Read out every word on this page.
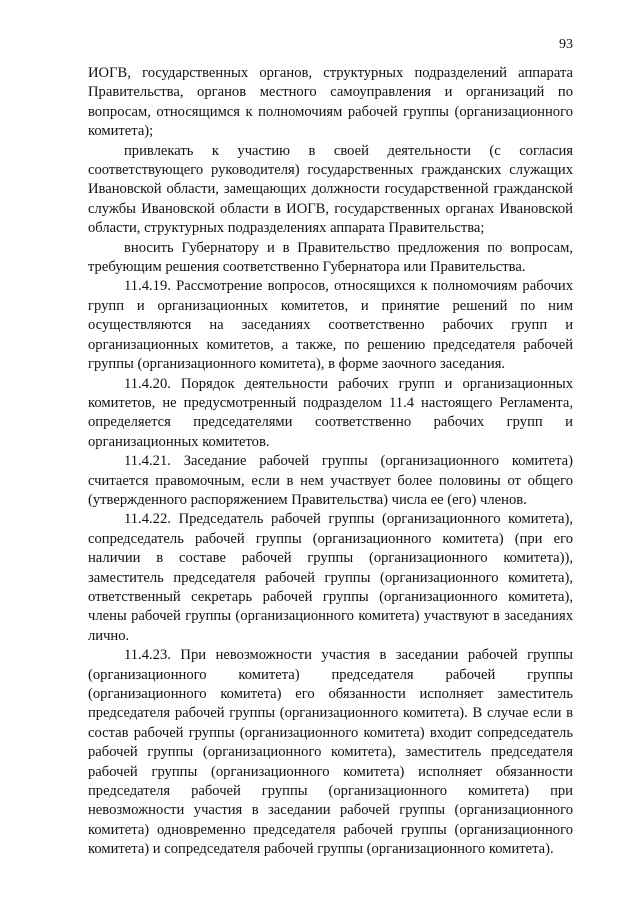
93

ИОГВ, государственных органов, структурных подразделений аппарата Правительства, органов местного самоуправления и организаций по вопросам, относящимся к полномочиям рабочей группы (организационного комитета);

привлекать к участию в своей деятельности (с согласия соответствующего руководителя) государственных гражданских служащих Ивановской области, замещающих должности государственной гражданской службы Ивановской области в ИОГВ, государственных органах Ивановской области, структурных подразделениях аппарата Правительства;

вносить Губернатору и в Правительство предложения по вопросам, требующим решения соответственно Губернатора или Правительства.

11.4.19. Рассмотрение вопросов, относящихся к полномочиям рабочих групп и организационных комитетов, и принятие решений по ним осуществляются на заседаниях соответственно рабочих групп и организационных комитетов, а также, по решению председателя рабочей группы (организационного комитета), в форме заочного заседания.

11.4.20. Порядок деятельности рабочих групп и организационных комитетов, не предусмотренный подразделом 11.4 настоящего Регламента, определяется председателями соответственно рабочих групп и организационных комитетов.

11.4.21. Заседание рабочей группы (организационного комитета) считается правомочным, если в нем участвует более половины от общего (утвержденного распоряжением Правительства) числа ее (его) членов.

11.4.22. Председатель рабочей группы (организационного комитета), сопредседатель рабочей группы (организационного комитета) (при его наличии в составе рабочей группы (организационного комитета)), заместитель председателя рабочей группы (организационного комитета), ответственный секретарь рабочей группы (организационного комитета), члены рабочей группы (организационного комитета) участвуют в заседаниях лично.

11.4.23. При невозможности участия в заседании рабочей группы (организационного комитета) председателя рабочей группы (организационного комитета) его обязанности исполняет заместитель председателя рабочей группы (организационного комитета). В случае если в состав рабочей группы (организационного комитета) входит сопредседатель рабочей группы (организационного комитета), заместитель председателя рабочей группы (организационного комитета) исполняет обязанности председателя рабочей группы (организационного комитета) при невозможности участия в заседании рабочей группы (организационного комитета) одновременно председателя рабочей группы (организационного комитета) и сопредседателя рабочей группы (организационного комитета).
